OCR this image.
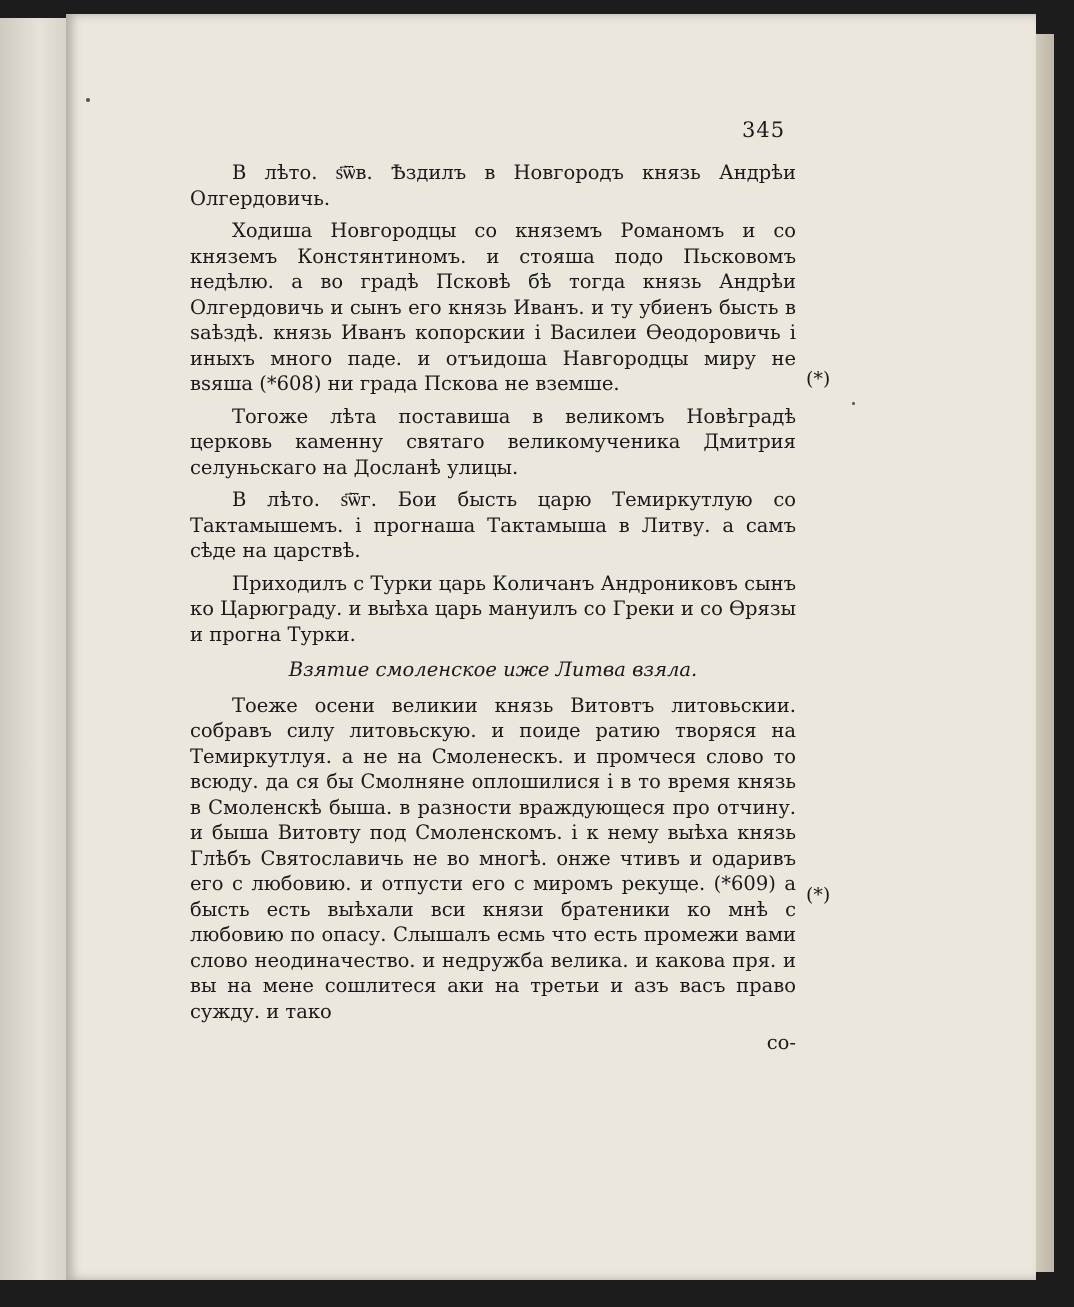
345

В лѣто. ѕ҃ѿв. Ѣздилъ в Новгородъ князь Андрѣи Олгердовичь.

Ходиша Новгородцы со княземъ Романомъ и со княземъ Констянтиномъ. и стояша подо Пьсковомъ недѣлю. а во градѣ Псковѣ бѣ тогда князь Андрѣи Олгердовичь и сынъ его князь Иванъ. и ту убиенъ бысть в ѕаѣздѣ. князь Иванъ копорскии і Василеи Ѳеодоровичь і иныхъ много паде. и отъидоша Навгородцы миру не вsяша (*608) ни града Пскова не вземше.

Тогоже лѣта поставиша в великомъ Новѣградѣ церковь каменну святаго великомученика Дмитрия селуньскаго на Досланѣ улицы.

В лѣто. ѕ҃ѿг. Бои бысть царю Темиркутлую со Тактамышемъ. і прогнаша Тактамыша в Литву. а самъ сѣде на царствѣ.

Приходилъ с Турки царь Количанъ Андрониковъ сынъ ко Царюграду. и выѣха царь мануилъ со Греки и со Ѳрязы и прогна Турки.

Взятие смоленское иже Литва взяла.

Тоеже осени великии князь Витовтъ литовьскии. собравъ силу литовьскую. и поиде ратию творяся на Темиркутлуя. а не на Смоленескъ. и промчеся слово то всюду. да ся бы Смолняне оплошилися і в то время князь в Смоленскѣ быша. в разности враждующеся про отчину. и быша Витовту под Смоленскомъ. і к нему выѣха князь Глѣбъ Святославичь не во многѣ. онже чтивъ и одаривъ его с любовию. и отпусти его с миромъ рекуще. (*609) а бысть есть выѣхали вси князи братеники ко мнѣ с любовию по опасу. Слышалъ есмь что есть промежи вами слово неодиначество. и недружба велика. и какова пря. и вы на мене сошлитеся аки на третьи и азъ васъ право сужду. и тако

со-
(*)
(*)
